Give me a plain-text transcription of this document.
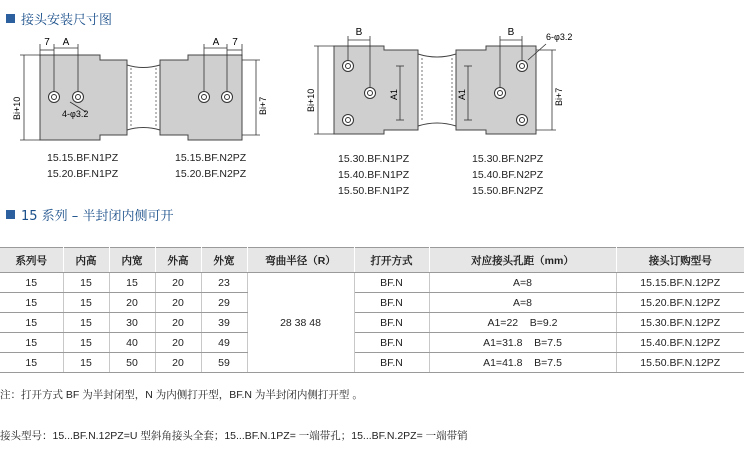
接头安装尺寸图
7 A	A 7
Bi+10	Bi+7
4-φ3.2
B	B
A1	A1
Bi+10	Bi+7
6-φ3.2
15.15.BF.N1PZ
15.20.BF.N1PZ
15.15.BF.N2PZ
15.20.BF.N2PZ
15.30.BF.N1PZ
15.40.BF.N1PZ
15.50.BF.N1PZ
15.30.BF.N2PZ
15.40.BF.N2PZ
15.50.BF.N2PZ
15 系列 – 半封闭内侧可开
系列号	内高	内宽	外高	外宽	弯曲半径（R）	打开方式	对应接头孔距（mm）	接头订购型号
15	15	15	20	23	28 38 48	BF.N	A=8	15.15.BF.N.12PZ
15	15	20	20	29		BF.N	A=8	15.20.BF.N.12PZ
15	15	30	20	39		BF.N	A1=22    B=9.2	15.30.BF.N.12PZ
15	15	40	20	49		BF.N	A1=31.8    B=7.5	15.40.BF.N.12PZ
15	15	50	20	59		BF.N	A1=41.8    B=7.5	15.50.BF.N.12PZ
注：打开方式 BF 为半封闭型，N 为内侧打开型，BF.N 为半封闭内侧打开型 。
接头型号：15...BF.N.12PZ=U 型斜角接头全套；15...BF.N.1PZ= 一端带孔；15...BF.N.2PZ= 一端带销
